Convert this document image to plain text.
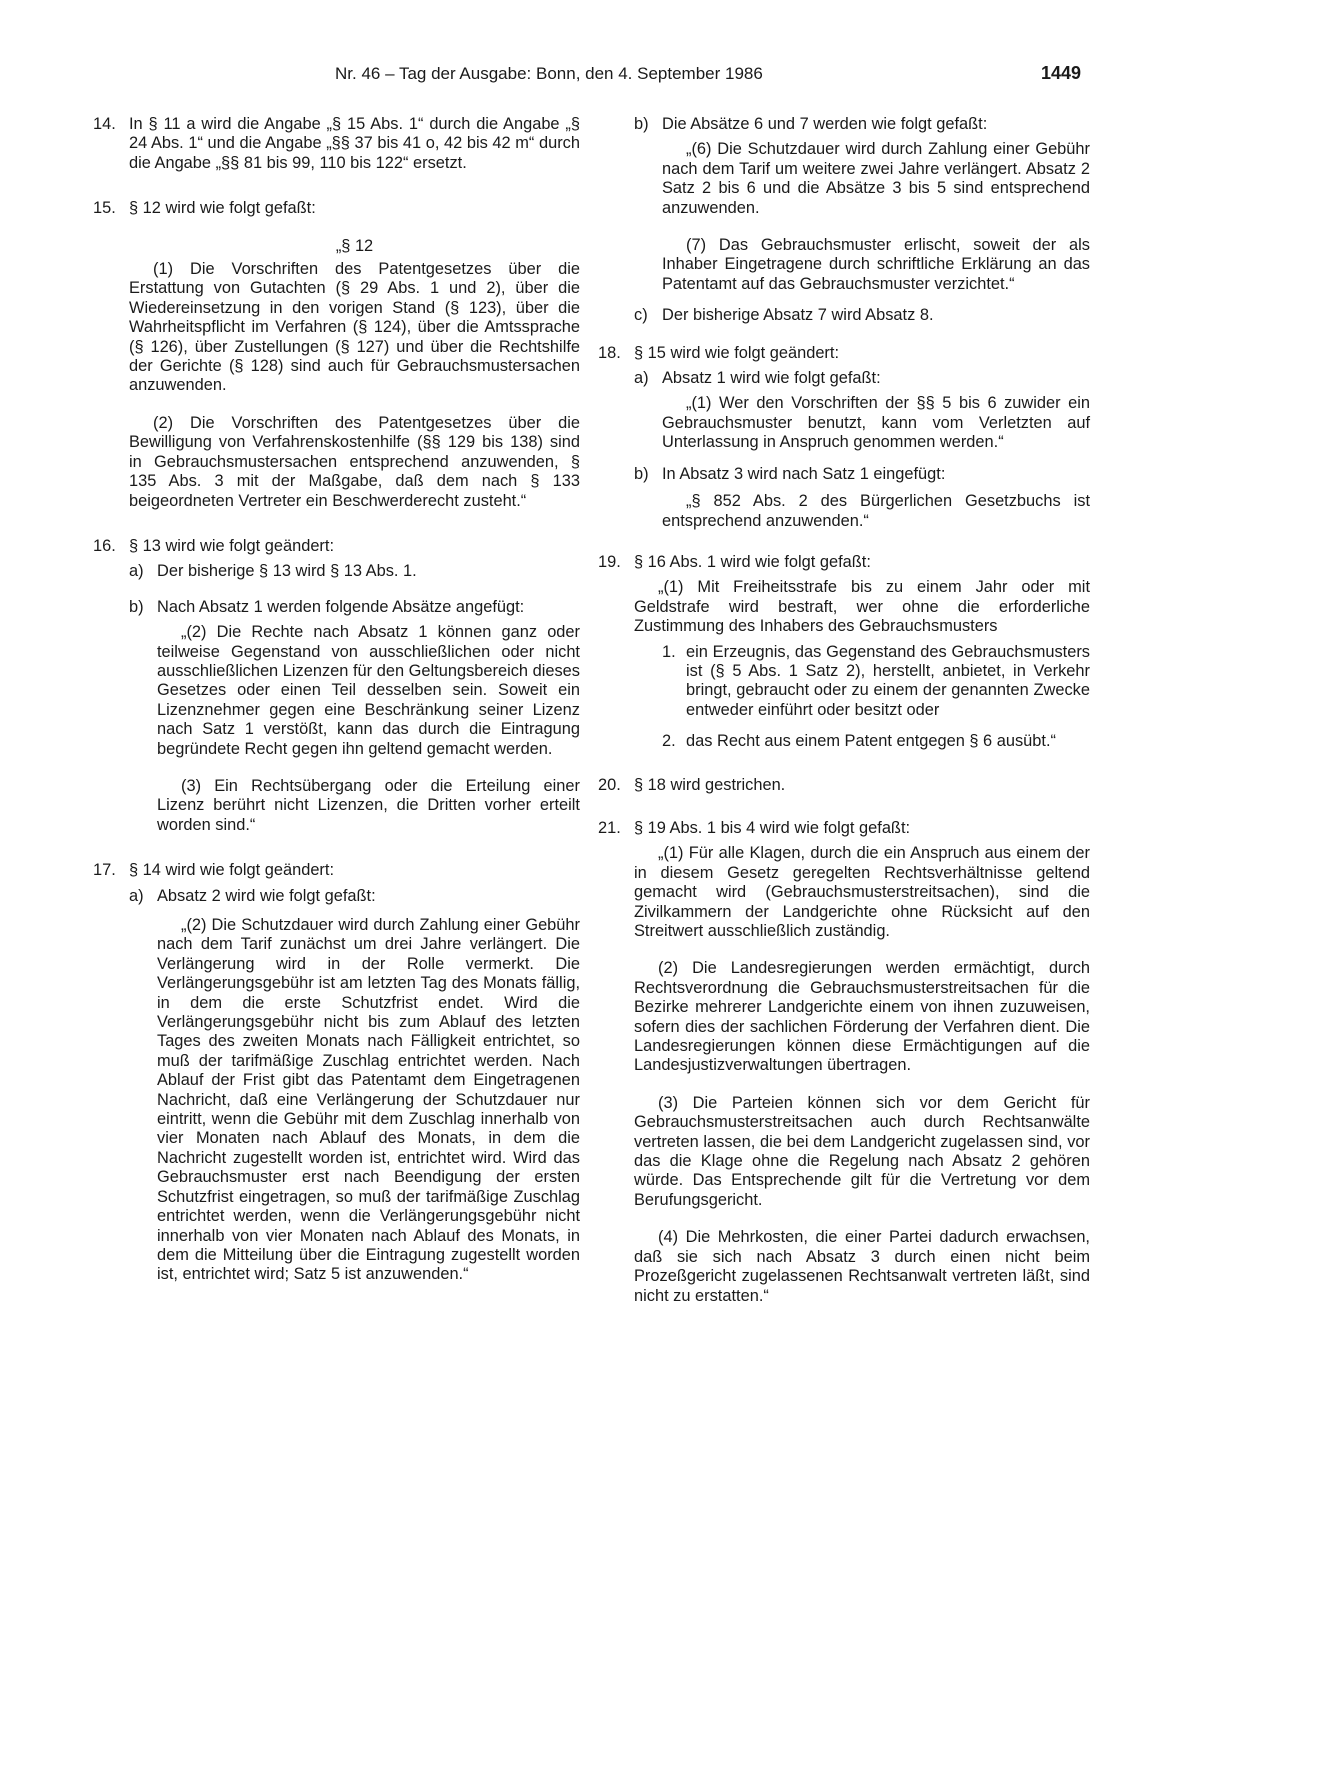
Nr. 46 – Tag der Ausgabe: Bonn, den 4. September 1986	1449
14. In § 11 a wird die Angabe „§ 15 Abs. 1“ durch die Angabe „§ 24 Abs. 1“ und die Angabe „§§ 37 bis 41 o, 42 bis 42 m“ durch die Angabe „§§ 81 bis 99, 110 bis 122“ ersetzt.

15. § 12 wird wie folgt gefaßt:

„§ 12

(1) Die Vorschriften des Patentgesetzes über die Erstattung von Gutachten (§ 29 Abs. 1 und 2), über die Wiedereinsetzung in den vorigen Stand (§ 123), über die Wahrheitspflicht im Verfahren (§ 124), über die Amtssprache (§ 126), über Zustellungen (§ 127) und über die Rechtshilfe der Gerichte (§ 128) sind auch für Gebrauchsmustersachen anzuwenden.

(2) Die Vorschriften des Patentgesetzes über die Bewilligung von Verfahrenskostenhilfe (§§ 129 bis 138) sind in Gebrauchsmustersachen entsprechend anzuwenden, § 135 Abs. 3 mit der Maßgabe, daß dem nach § 133 beigeordneten Vertreter ein Beschwerderecht zusteht.“

16. § 13 wird wie folgt geändert:

a) Der bisherige § 13 wird § 13 Abs. 1.

b) Nach Absatz 1 werden folgende Absätze angefügt:

„(2) Die Rechte nach Absatz 1 können ganz oder teilweise Gegenstand von ausschließlichen oder nicht ausschließlichen Lizenzen für den Geltungsbereich dieses Gesetzes oder einen Teil desselben sein. Soweit ein Lizenznehmer gegen eine Beschränkung seiner Lizenz nach Satz 1 verstößt, kann das durch die Eintragung begründete Recht gegen ihn geltend gemacht werden.

(3) Ein Rechtsübergang oder die Erteilung einer Lizenz berührt nicht Lizenzen, die Dritten vorher erteilt worden sind.“

17. § 14 wird wie folgt geändert:

a) Absatz 2 wird wie folgt gefaßt:

„(2) Die Schutzdauer wird durch Zahlung einer Gebühr nach dem Tarif zunächst um drei Jahre verlängert. Die Verlängerung wird in der Rolle vermerkt. Die Verlängerungsgebühr ist am letzten Tag des Monats fällig, in dem die erste Schutzfrist endet. Wird die Verlängerungsgebühr nicht bis zum Ablauf des letzten Tages des zweiten Monats nach Fälligkeit entrichtet, so muß der tarifmäßige Zuschlag entrichtet werden. Nach Ablauf der Frist gibt das Patentamt dem Eingetragenen Nachricht, daß eine Verlängerung der Schutzdauer nur eintritt, wenn die Gebühr mit dem Zuschlag innerhalb von vier Monaten nach Ablauf des Monats, in dem die Nachricht zugestellt worden ist, entrichtet wird. Wird das Gebrauchsmuster erst nach Beendigung der ersten Schutzfrist eingetragen, so muß der tarifmäßige Zuschlag entrichtet werden, wenn die Verlängerungsgebühr nicht innerhalb von vier Monaten nach Ablauf des Monats, in dem die Mitteilung über die Eintragung zugestellt worden ist, entrichtet wird; Satz 5 ist anzuwenden.“

b) Die Absätze 6 und 7 werden wie folgt gefaßt:

„(6) Die Schutzdauer wird durch Zahlung einer Gebühr nach dem Tarif um weitere zwei Jahre verlängert. Absatz 2 Satz 2 bis 6 und die Absätze 3 bis 5 sind entsprechend anzuwenden.

(7) Das Gebrauchsmuster erlischt, soweit der als Inhaber Eingetragene durch schriftliche Erklärung an das Patentamt auf das Gebrauchsmuster verzichtet.“

c) Der bisherige Absatz 7 wird Absatz 8.

18. § 15 wird wie folgt geändert:

a) Absatz 1 wird wie folgt gefaßt:

„(1) Wer den Vorschriften der §§ 5 bis 6 zuwider ein Gebrauchsmuster benutzt, kann vom Verletzten auf Unterlassung in Anspruch genommen werden.“

b) In Absatz 3 wird nach Satz 1 eingefügt:

„§ 852 Abs. 2 des Bürgerlichen Gesetzbuchs ist entsprechend anzuwenden.“

19. § 16 Abs. 1 wird wie folgt gefaßt:

„(1) Mit Freiheitsstrafe bis zu einem Jahr oder mit Geldstrafe wird bestraft, wer ohne die erforderliche Zustimmung des Inhabers des Gebrauchsmusters

1. ein Erzeugnis, das Gegenstand des Gebrauchsmusters ist (§ 5 Abs. 1 Satz 2), herstellt, anbietet, in Verkehr bringt, gebraucht oder zu einem der genannten Zwecke entweder einführt oder besitzt oder

2. das Recht aus einem Patent entgegen § 6 ausübt.“

20. § 18 wird gestrichen.

21. § 19 Abs. 1 bis 4 wird wie folgt gefaßt:

„(1) Für alle Klagen, durch die ein Anspruch aus einem der in diesem Gesetz geregelten Rechtsverhältnisse geltend gemacht wird (Gebrauchsmusterstreitsachen), sind die Zivilkammern der Landgerichte ohne Rücksicht auf den Streitwert ausschließlich zuständig.

(2) Die Landesregierungen werden ermächtigt, durch Rechtsverordnung die Gebrauchsmusterstreitsachen für die Bezirke mehrerer Landgerichte einem von ihnen zuzuweisen, sofern dies der sachlichen Förderung der Verfahren dient. Die Landesregierungen können diese Ermächtigungen auf die Landesjustizverwaltungen übertragen.

(3) Die Parteien können sich vor dem Gericht für Gebrauchsmusterstreitsachen auch durch Rechtsanwälte vertreten lassen, die bei dem Landgericht zugelassen sind, vor das die Klage ohne die Regelung nach Absatz 2 gehören würde. Das Entsprechende gilt für die Vertretung vor dem Berufungsgericht.

(4) Die Mehrkosten, die einer Partei dadurch erwachsen, daß sie sich nach Absatz 3 durch einen nicht beim Prozeßgericht zugelassenen Rechtsanwalt vertreten läßt, sind nicht zu erstatten.“
